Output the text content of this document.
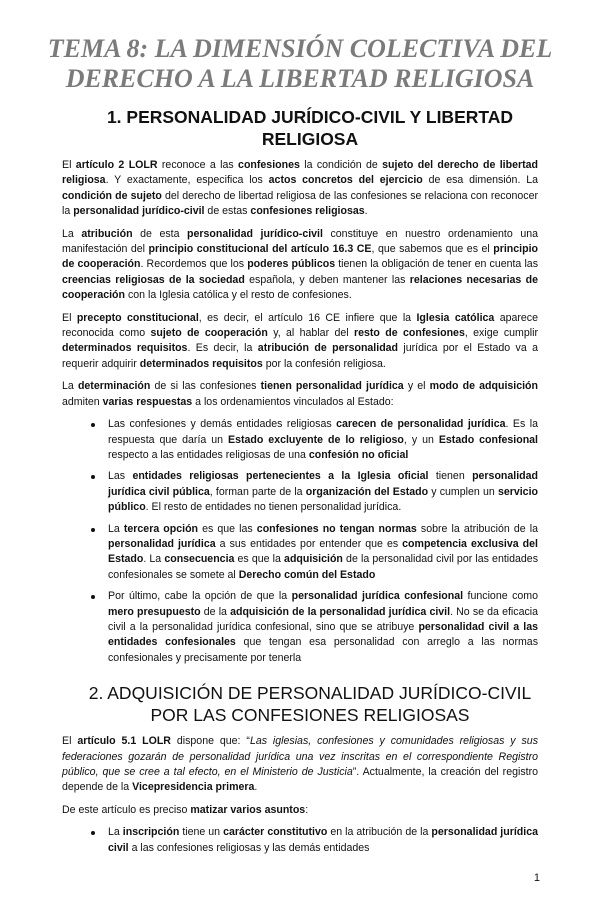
TEMA 8: LA DIMENSIÓN COLECTIVA DEL
DERECHO A LA LIBERTAD RELIGIOSA
1. PERSONALIDAD JURÍDICO-CIVIL Y LIBERTAD RELIGIOSA

El artículo 2 LOLR reconoce a las confesiones la condición de sujeto del derecho de libertad religiosa. Y exactamente, especifica los actos concretos del ejercicio de esa dimensión. La condición de sujeto del derecho de libertad religiosa de las confesiones se relaciona con reconocer la personalidad jurídico-civil de estas confesiones religiosas.

La atribución de esta personalidad jurídico-civil constituye en nuestro ordenamiento una manifestación del principio constitucional del artículo 16.3 CE, que sabemos que es el principio de cooperación. Recordemos que los poderes públicos tienen la obligación de tener en cuenta las creencias religiosas de la sociedad española, y deben mantener las relaciones necesarias de cooperación con la Iglesia católica y el resto de confesiones.

El precepto constitucional, es decir, el artículo 16 CE infiere que la Iglesia católica aparece reconocida como sujeto de cooperación y, al hablar del resto de confesiones, exige cumplir determinados requisitos. Es decir, la atribución de personalidad jurídica por el Estado va a requerir adquirir determinados requisitos por la confesión religiosa.

La determinación de si las confesiones tienen personalidad jurídica y el modo de adquisición admiten varias respuestas a los ordenamientos vinculados al Estado:

Las confesiones y demás entidades religiosas carecen de personalidad jurídica. Es la respuesta que daría un Estado excluyente de lo religioso, y un Estado confesional respecto a las entidades religiosas de una confesión no oficial
Las entidades religiosas pertenecientes a la Iglesia oficial tienen personalidad jurídica civil pública, forman parte de la organización del Estado y cumplen un servicio público. El resto de entidades no tienen personalidad jurídica.
La tercera opción es que las confesiones no tengan normas sobre la atribución de la personalidad jurídica a sus entidades por entender que es competencia exclusiva del Estado. La consecuencia es que la adquisición de la personalidad civil por las entidades confesionales se somete al Derecho común del Estado
Por último, cabe la opción de que la personalidad jurídica confesional funcione como mero presupuesto de la adquisición de la personalidad jurídica civil. No se da eficacia civil a la personalidad jurídica confesional, sino que se atribuye personalidad civil a las entidades confesionales que tengan esa personalidad con arreglo a las normas confesionales y precisamente por tenerla
2. ADQUISICIÓN DE PERSONALIDAD JURÍDICO-CIVIL POR LAS CONFESIONES RELIGIOSAS

El artículo 5.1 LOLR dispone que: “Las iglesias, confesiones y comunidades religiosas y sus federaciones gozarán de personalidad jurídica una vez inscritas en el correspondiente Registro público, que se cree a tal efecto, en el Ministerio de Justicia”. Actualmente, la creación del registro depende de la Vicepresidencia primera.

De este artículo es preciso matizar varios asuntos:

La inscripción tiene un carácter constitutivo en la atribución de la personalidad jurídica civil a las confesiones religiosas y las demás entidades
1
